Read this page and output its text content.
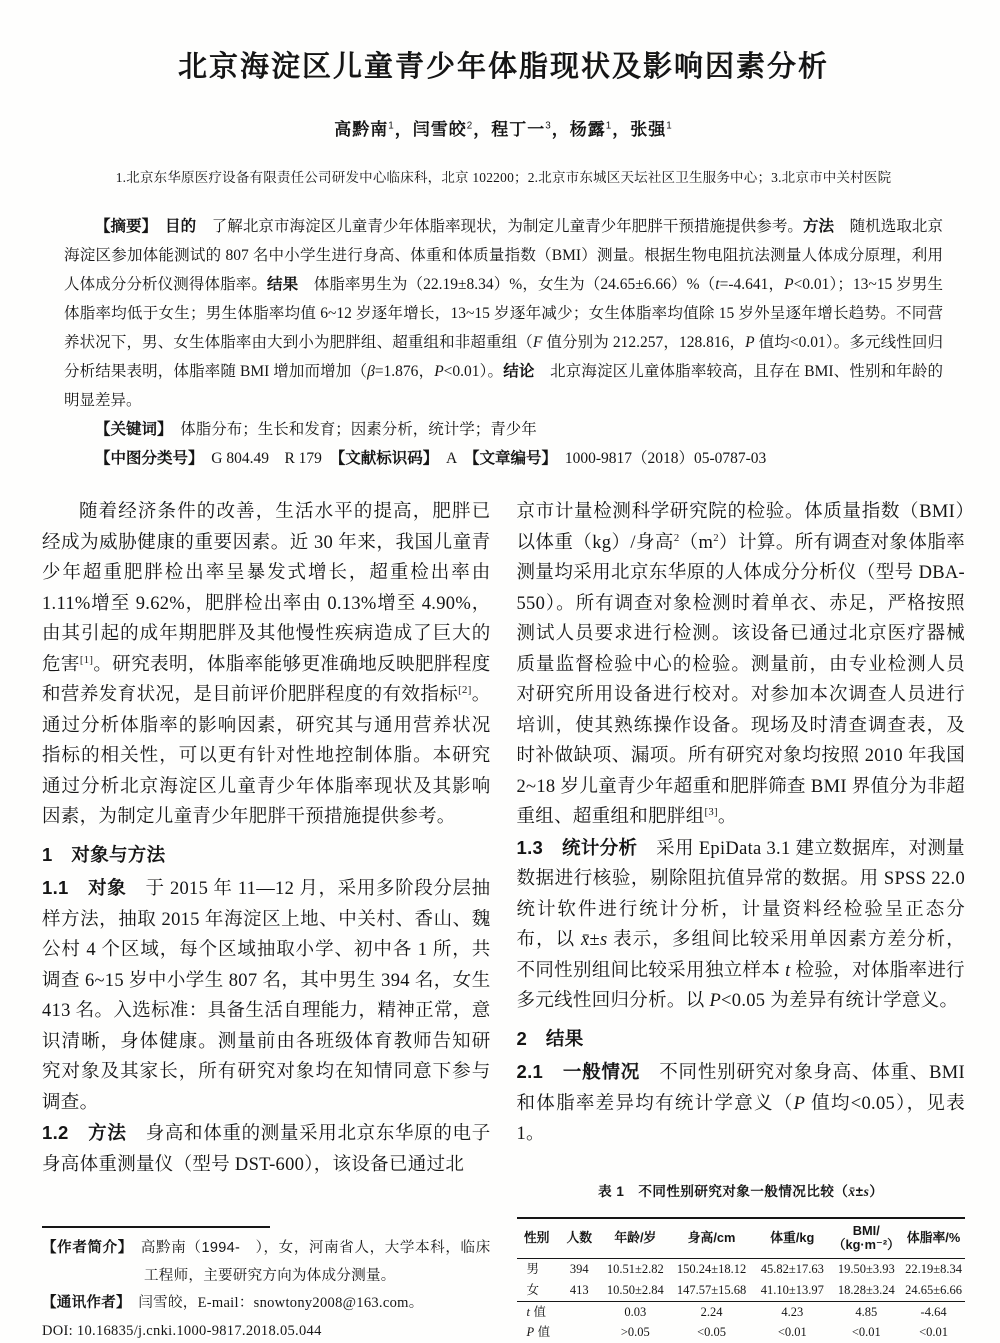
北京海淀区儿童青少年体脂现状及影响因素分析
高黔南$^1$，闫雪皎$^2$，程丁一$^3$，杨露$^1$，张强$^1$
1.北京东华原医疗设备有限责任公司研发中心临床科，北京 102200；2.北京市东城区天坛社区卫生服务中心；3.北京市中关村医院
【摘要】　 目的　了解北京市海淀区儿童青少年体脂率现状，为制定儿童青少年肥胖干预措施提供参考。方法　随机选取北京海淀区参加体能测试的 807 名中小学生进行身高、体重和体质量指数（BMI）测量。根据生物电阻抗法测量人体成分原理，利用人体成分分析仪测得体脂率。结果　体脂率男生为（22.19±8.34）%，女生为（24.65±6.66）%（t=-4.641，P<0.01）；13~15 岁男生体脂率均低于女生；男生体脂率均值 6~12 岁逐年增长，13~15 岁逐年减少；女生体脂率均值除 15 岁外呈逐年增长趋势。不同营养状况下，男、女生体脂率由大到小为肥胖组、超重组和非超重组（F 值分别为 212.257，128.816，P 值均<0.01）。多元线性回归分析结果表明，体脂率随 BMI 增加而增加（β=1.876，P<0.01）。结论　北京海淀区儿童体脂率较高，且存在 BMI、性别和年龄的明显差异。
【关键词】　 体脂分布；生长和发育；因素分析，统计学；青少年
【中图分类号】　G 804.49　R 179　【文献标识码】　A　【文章编号】　1000-9817（2018）05-0787-03
随着经济条件的改善，生活水平的提高，肥胖已经成为威胁健康的重要因素。近 30 年来，我国儿童青少年超重肥胖检出率呈暴发式增长，超重检出率由 1.11%增至 9.62%，肥胖检出率由 0.13%增至 4.90%，由其引起的成年期肥胖及其他慢性疾病造成了巨大的危害[1]。研究表明，体脂率能够更准确地反映肥胖程度和营养发育状况，是目前评价肥胖程度的有效指标[2]。通过分析体脂率的影响因素，研究其与通用营养状况指标的相关性，可以更有针对性地控制体脂。本研究通过分析北京海淀区儿童青少年体脂率现状及其影响因素，为制定儿童青少年肥胖干预措施提供参考。
1　对象与方法
1.1　对象　于 2015 年 11—12 月，采用多阶段分层抽样方法，抽取 2015 年海淀区上地、中关村、香山、魏公村 4 个区域，每个区域抽取小学、初中各 1 所，共调查 6~15 岁中小学生 807 名，其中男生 394 名，女生 413 名。入选标准：具备生活自理能力，精神正常，意识清晰，身体健康。测量前由各班级体育教师告知研究对象及其家长，所有研究对象均在知情同意下参与调查。
1.2　方法　身高和体重的测量采用北京东华原的电子身高体重测量仪（型号 DST-600），该设备已通过北
【作者简介】　 高黔南（1994-　），女，河南省人，大学本科，临床工程师，主要研究方向为体成分测量。
【通讯作者】　 闫雪皎，E-mail：snowtony2008@163.com。
DOI: 10.16835/j.cnki.1000-9817.2018.05.044
京市计量检测科学研究院的检验。体质量指数（BMI）以体重（kg）/身高$^2(m^2)$计算。所有调查对象体脂率测量均采用北京东华原的人体成分分析仪（型号 DBA-550）。所有调查对象检测时着单衣、赤足，严格按照测试人员要求进行检测。该设备已通过北京医疗器械质量监督检验中心的检验。测量前，由专业检测人员对研究所用设备进行校对。对参加本次调查人员进行培训，使其熟练操作设备。现场及时清查调查表，及时补做缺项、漏项。所有研究对象均按照 2010 年我国 2~18 岁儿童青少年超重和肥胖筛查 BMI 界值分为非超重组、超重组和肥胖组[3]。
1.3　统计分析　采用 EpiData 3.1 建立数据库，对测量数据进行核验，剔除阻抗值异常的数据。用 SPSS 22.0 统计软件进行统计分析，计量资料经检验呈正态分布，以 x̄±s 表示，多组间比较采用单因素方差分析，不同性别组间比较采用独立样本 t 检验，对体脂率进行多元线性回归分析。以 P<0.05 为差异有统计学意义。
2　结果
2.1　一般情况　不同性别研究对象身高、体重、BMI 和体脂率差异均有统计学意义（P 值均<0.05），见表 1。
表 1　不同性别研究对象一般情况比较（x̄±s）
性别	人数	年龄/岁	身高/cm	体重/kg	BMI/
（kg·m⁻²）	体脂率/%

男	394	10.51±2.82	150.24±18.12	45.82±17.63	19.50±3.93	22.19±8.34
女	413	10.50±2.84	147.57±15.68	41.10±13.97	18.28±3.24	24.65±6.66
t 值		0.03	2.24	4.23	4.85	-4.64
P 值		>0.05	<0.05	<0.01	<0.01	<0.01
